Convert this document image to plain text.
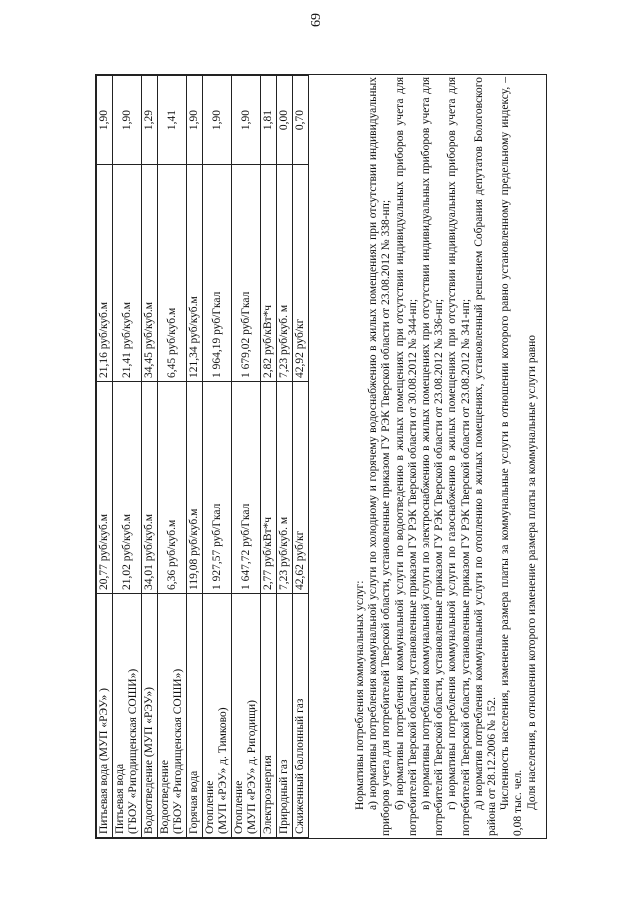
69
Питьевая вода (МУП «РЭУ» )	20,77 руб/куб.м	21,16 руб/куб.м	1,90
Питьевая вода
(ГБОУ «Ригодищенская СОШИ»)	21,02 руб/куб.м	21,41 руб/куб.м	1,90
Водоотведение (МУП «РЭУ»)	34,01 руб/куб.м	34,45 руб/куб.м	1,29
Водоотведение
(ГБОУ «Ригодищенская СОШИ»)	6,36 руб/куб.м	6,45 руб/куб.м	1,41
Горячая вода	119,08 руб/куб.м	121,34 руб/куб.м	1,90
Отопление
(МУП «РЭУ» д. Тимково)	1 927,57 руб/Гкал	1 964,19 руб/Гкал	1,90
Отопление
(МУП «РЭУ» д. Ригодищи)	1 647,72 руб/Гкал	1 679,02 руб/Гкал	1,90
Электроэнергия	2,77 руб/кВт*ч	2,82 руб/кВт*ч	1,81
Природный газ	7,23 руб/куб. м	7,23 руб/куб. м	0,00
Сжиженный баллонный газ	42,62 руб/кг	42,92 руб/кг	0,70

Нормативы потребления коммунальных услуг: а) нормативы потребления коммунальной услуги по холодному и горячему водоснабжению в жилых помещениях при отсутствии индивидуальных приборов учета для потребителей Тверской области, установленные приказом ГУ РЭК Тверской области от 23.08.2012 № 338-нп; б) нормативы потребления коммунальной услуги по водоотведению в жилых помещениях при отсутствии индивидуальных приборов учета для потребителей Тверской области, установленные приказом ГУ РЭК Тверской области от 30.08.2012 № 344-нп; в) нормативы потребления коммунальной услуги по электроснабжению в жилых помещениях при отсутствии индивидуальных приборов учета для потребителей Тверской области, установленные приказом ГУ РЭК Тверской области от 23.08.2012 № 336-нп; г) нормативы потребления коммунальной услуги по газоснабжению в жилых помещениях при отсутствии индивидуальных приборов учета для потребителей Тверской области, установленные приказом ГУ РЭК Тверской области от 23.08.2012 № 341-нп; д) норматив потребления коммунальной услуги по отоплению в жилых помещениях, установленный решением Собрания депутатов Бологовского района от 28.12.2006 № 152. Численность населения, изменение размера платы за коммунальные услуги в отношении которого равно установленному предельному индексу, – 0,08 тыс. чел. Доля населения, в отношении которого изменение размера платы за коммунальные услуги равно
